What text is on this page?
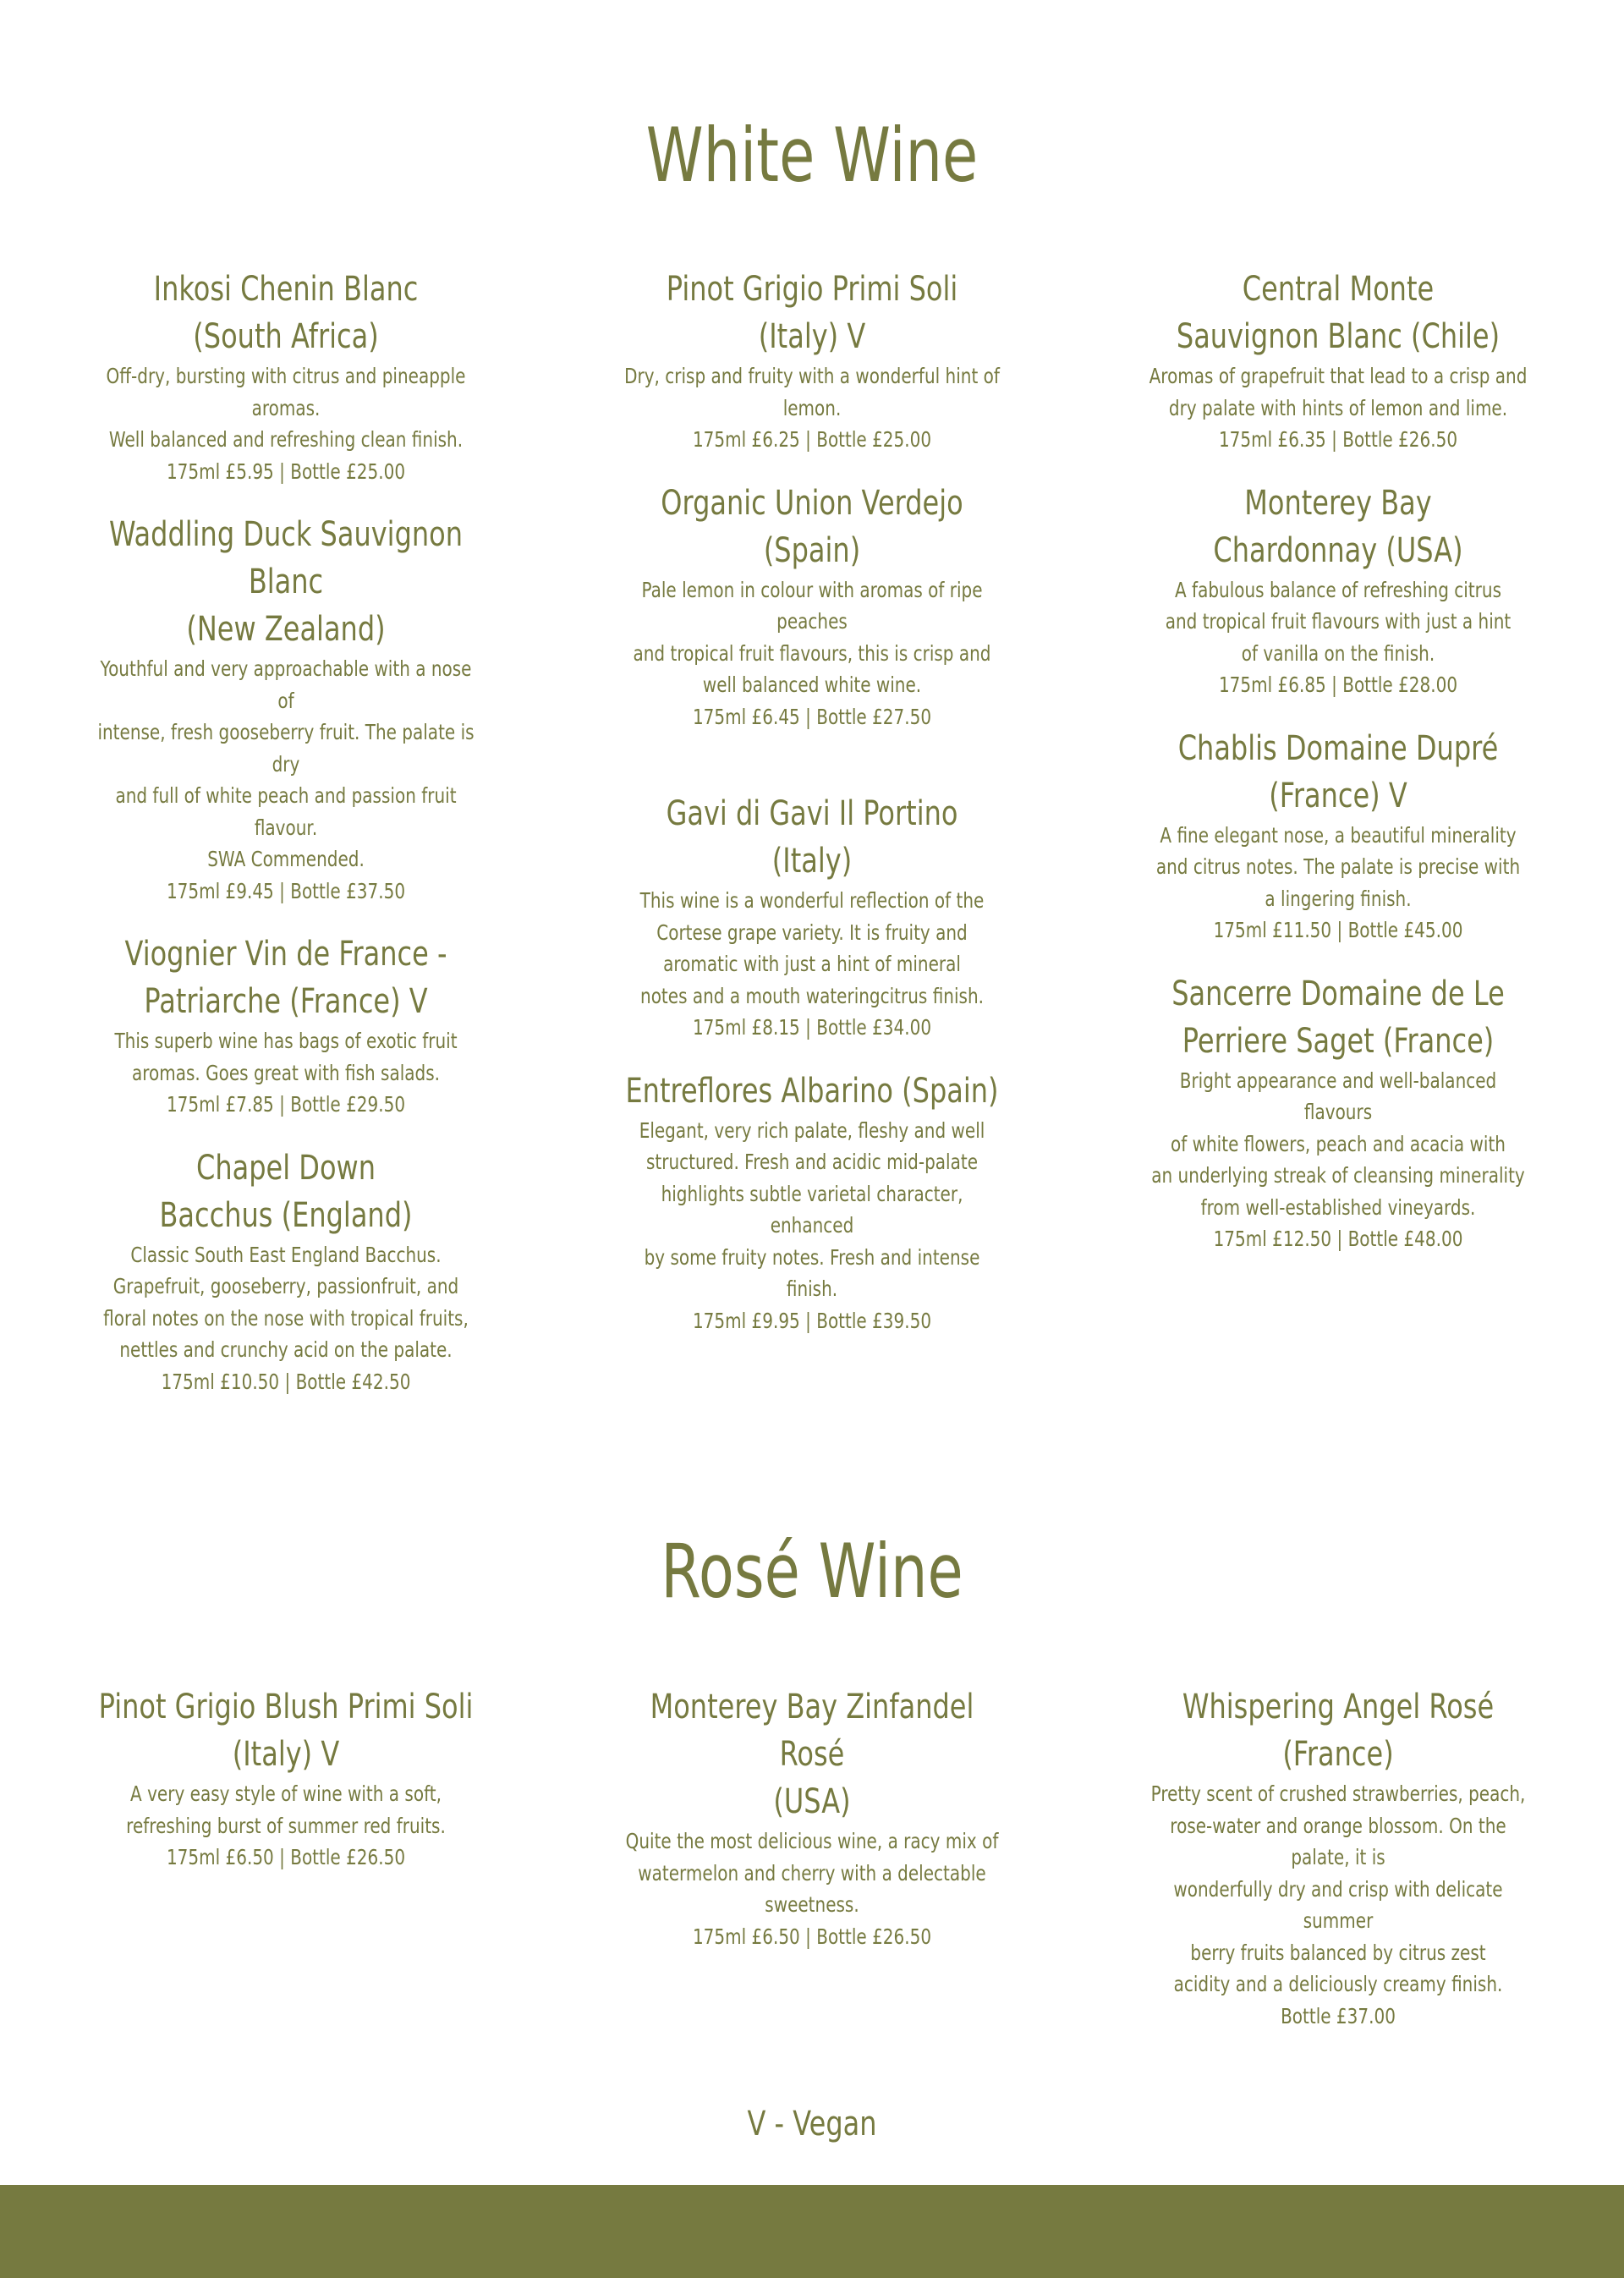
White Wine

Inkosi Chenin Blanc
(South Africa)

Off-dry, bursting with citrus and pineapple aromas.
Well balanced and refreshing clean finish.

175ml £5.95 | Bottle £25.00

Waddling Duck Sauvignon Blanc
(New Zealand)

Youthful and very approachable with a nose of
intense, fresh gooseberry fruit. The palate is dry
and full of white peach and passion fruit flavour.
SWA Commended.

175ml £9.45 | Bottle £37.50

Viognier Vin de France -
Patriarche (France) V

This superb wine has bags of exotic fruit
aromas. Goes great with fish salads.

175ml £7.85 | Bottle £29.50

Chapel Down
Bacchus (England)

Classic South East England Bacchus.
Grapefruit, gooseberry, passionfruit, and
floral notes on the nose with tropical fruits,
nettles and crunchy acid on the palate.

175ml £10.50 | Bottle £42.50

Pinot Grigio Primi Soli
(Italy) V

Dry, crisp and fruity with a wonderful hint of lemon.

175ml £6.25 | Bottle £25.00

Organic Union Verdejo
(Spain)

Pale lemon in colour with aromas of ripe peaches
and tropical fruit flavours, this is crisp and
well balanced white wine.

175ml £6.45 | Bottle £27.50

Gavi di Gavi Il Portino (Italy)

This wine is a wonderful reflection of the
Cortese grape variety. It is fruity and
aromatic with just a hint of mineral
notes and a mouth wateringcitrus finish.

175ml £8.15 | Bottle £34.00

Entreflores Albarino (Spain)

Elegant, very rich palate, fleshy and well
structured. Fresh and acidic mid-palate
highlights subtle varietal character, enhanced
by some fruity notes. Fresh and intense finish.

175ml £9.95 | Bottle £39.50

Central Monte
Sauvignon Blanc (Chile)

Aromas of grapefruit that lead to a crisp and
dry palate with hints of lemon and lime.

175ml £6.35 | Bottle £26.50

Monterey Bay
Chardonnay (USA)

A fabulous balance of refreshing citrus
and tropical fruit flavours with just a hint
of vanilla on the finish.

175ml £6.85 | Bottle £28.00

Chablis Domaine Dupré
(France) V

A fine elegant nose, a beautiful minerality
and citrus notes. The palate is precise with
a lingering finish.

175ml £11.50 | Bottle £45.00

Sancerre Domaine de Le
Perriere Saget (France)

Bright appearance and well-balanced flavours
of white flowers, peach and acacia with
an underlying streak of cleansing minerality
from well-established vineyards.

175ml £12.50 | Bottle £48.00

Rosé Wine

Pinot Grigio Blush Primi Soli
(Italy) V

A very easy style of wine with a soft,
refreshing burst of summer red fruits.

175ml £6.50 | Bottle £26.50

Monterey Bay Zinfandel Rosé
(USA)

Quite the most delicious wine, a racy mix of
watermelon and cherry with a delectable sweetness.

175ml £6.50 | Bottle £26.50

Whispering Angel Rosé
(France)

Pretty scent of crushed strawberries, peach,
rose-water and orange blossom. On the palate, it is
wonderfully dry and crisp with delicate summer
berry fruits balanced by citrus zest
acidity and a deliciously creamy finish.

Bottle £37.00

V - Vegan
